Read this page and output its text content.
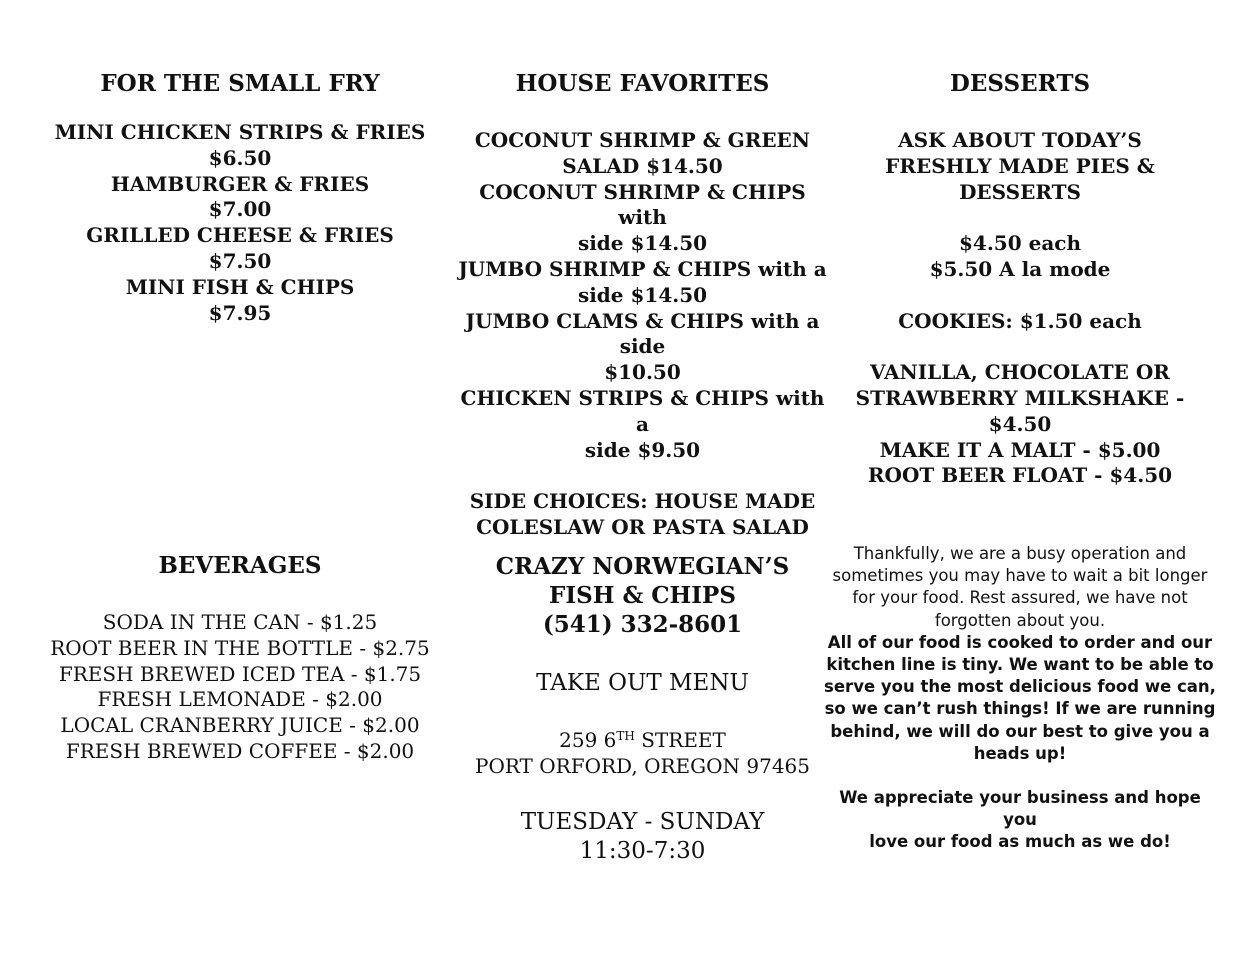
FOR THE SMALL FRY
MINI CHICKEN STRIPS & FRIES $6.50
HAMBURGER & FRIES
$7.00
GRILLED CHEESE & FRIES
$7.50
MINI FISH & CHIPS
$7.95
HOUSE FAVORITES
COCONUT SHRIMP & GREEN
SALAD $14.50
COCONUT SHRIMP & CHIPS with
side $14.50
JUMBO SHRIMP & CHIPS with a
side $14.50
JUMBO CLAMS & CHIPS with a side
$10.50
CHICKEN STRIPS & CHIPS with a
side $9.50
SIDE CHOICES: HOUSE MADE
COLESLAW OR PASTA SALAD
DESSERTS
ASK ABOUT TODAY’S
FRESHLY MADE PIES & DESSERTS
$4.50 each
$5.50 A la mode
COOKIES: $1.50 each
VANILLA, CHOCOLATE OR
STRAWBERRY MILKSHAKE - $4.50
MAKE IT A MALT - $5.00
ROOT BEER FLOAT - $4.50
BEVERAGES
SODA IN THE CAN - $1.25
ROOT BEER IN THE BOTTLE - $2.75
FRESH BREWED ICED TEA - $1.75
FRESH LEMONADE - $2.00
LOCAL CRANBERRY JUICE - $2.00
FRESH BREWED COFFEE - $2.00
CRAZY NORWEGIAN’S
FISH & CHIPS
(541) 332-8601
TAKE OUT MENU
259 6TH STREET
PORT ORFORD, OREGON 97465
TUESDAY - SUNDAY
11:30-7:30
Thankfully, we are a busy operation and
sometimes you may have to wait a bit longer
for your food. Rest assured, we have not
forgotten about you.
All of our food is cooked to order and our
kitchen line is tiny. We want to be able to
serve you the most delicious food we can,
so we can’t rush things! If we are running
behind, we will do our best to give you a
heads up!
We appreciate your business and hope you
love our food as much as we do!
